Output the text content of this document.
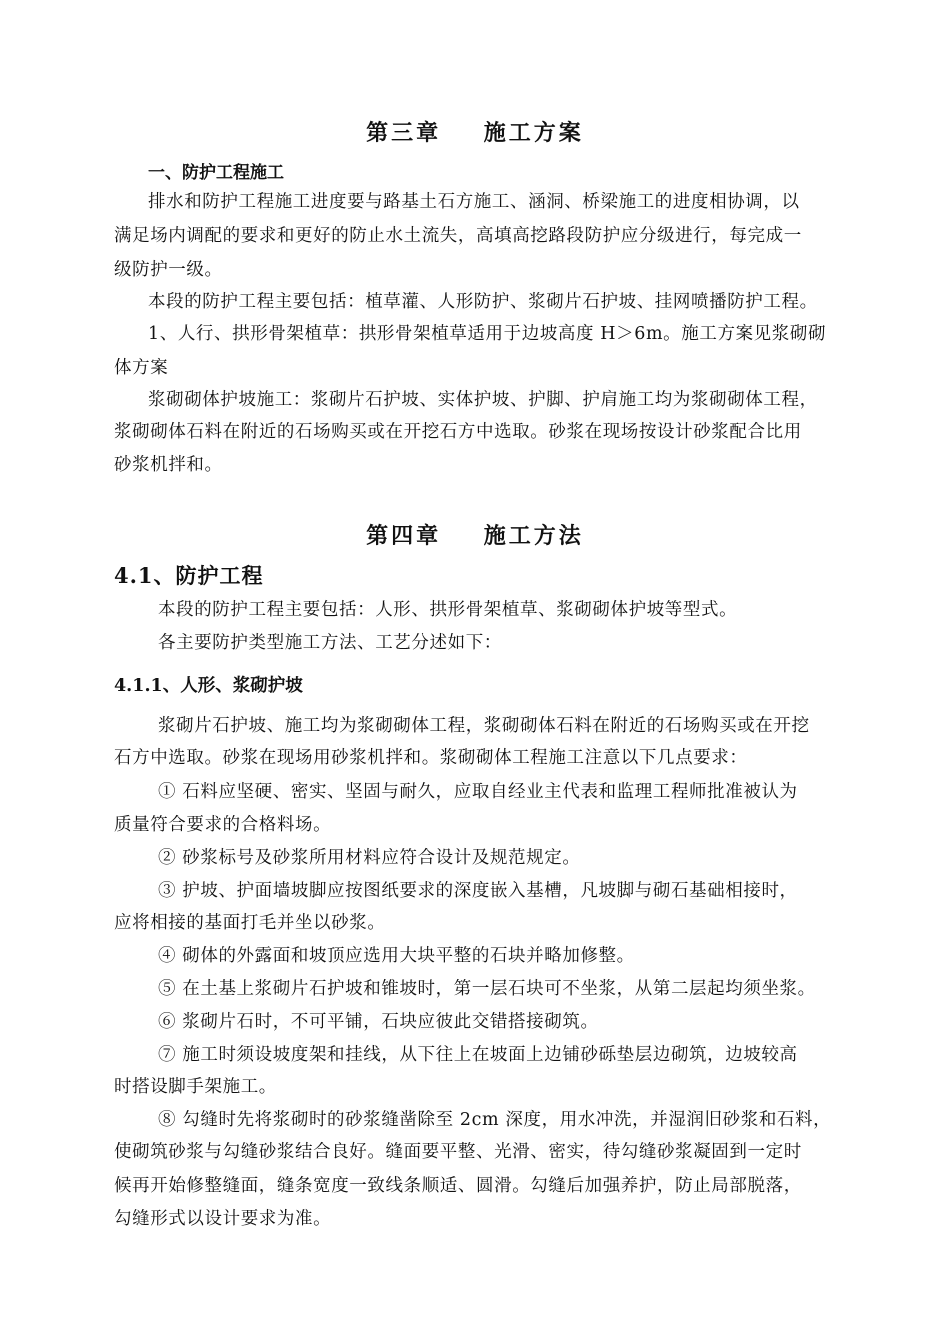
第三章    施工方案
一、防护工程施工
排水和防护工程施工进度要与路基土石方施工、涵洞、桥梁施工的进度相协调，以
满足场内调配的要求和更好的防止水土流失，高填高挖路段防护应分级进行，每完成一
级防护一级。
本段的防护工程主要包括：植草灌、人形防护、浆砌片石护坡、挂网喷播防护工程。
1、人行、拱形骨架植草：拱形骨架植草适用于边坡高度 H＞6m。施工方案见浆砌砌
体方案
浆砌砌体护坡施工：浆砌片石护坡、实体护坡、护脚、护肩施工均为浆砌砌体工程，
浆砌砌体石料在附近的石场购买或在开挖石方中选取。砂浆在现场按设计砂浆配合比用
砂浆机拌和。
第四章    施工方法
4.1、防护工程
本段的防护工程主要包括：人形、拱形骨架植草、浆砌砌体护坡等型式。
各主要防护类型施工方法、工艺分述如下：
4.1.1、人形、浆砌护坡
浆砌片石护坡、施工均为浆砌砌体工程，浆砌砌体石料在附近的石场购买或在开挖
石方中选取。砂浆在现场用砂浆机拌和。浆砌砌体工程施工注意以下几点要求：
① 石料应坚硬、密实、坚固与耐久，应取自经业主代表和监理工程师批准被认为
质量符合要求的合格料场。
② 砂浆标号及砂浆所用材料应符合设计及规范规定。
③ 护坡、护面墙坡脚应按图纸要求的深度嵌入基槽，凡坡脚与砌石基础相接时，
应将相接的基面打毛并坐以砂浆。
④ 砌体的外露面和坡顶应选用大块平整的石块并略加修整。
⑤ 在土基上浆砌片石护坡和锥坡时，第一层石块可不坐浆，从第二层起均须坐浆。
⑥ 浆砌片石时，不可平铺，石块应彼此交错搭接砌筑。
⑦ 施工时须设坡度架和挂线，从下往上在坡面上边铺砂砾垫层边砌筑，边坡较高
时搭设脚手架施工。
⑧ 勾缝时先将浆砌时的砂浆缝凿除至 2cm 深度，用水冲洗，并湿润旧砂浆和石料，
使砌筑砂浆与勾缝砂浆结合良好。缝面要平整、光滑、密实，待勾缝砂浆凝固到一定时
候再开始修整缝面，缝条宽度一致线条顺适、圆滑。勾缝后加强养护，防止局部脱落，
勾缝形式以设计要求为准。
